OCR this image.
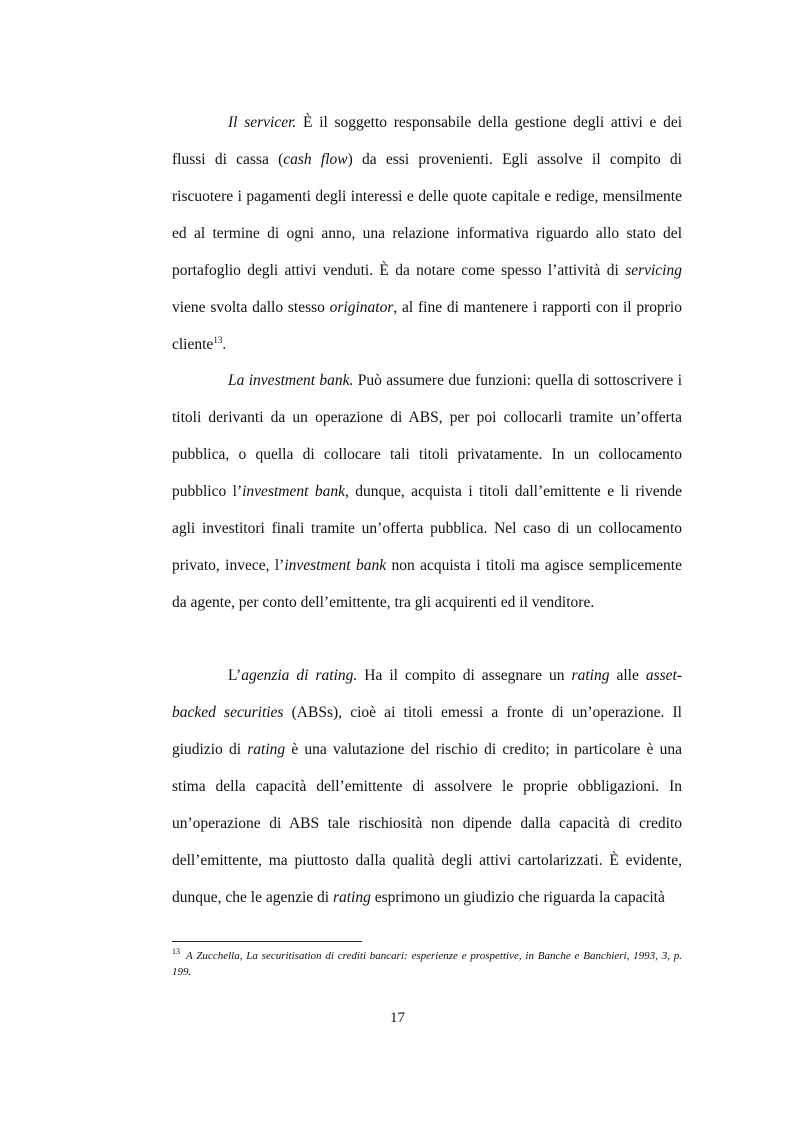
Il servicer. È il soggetto responsabile della gestione degli attivi e dei flussi di cassa (cash flow) da essi provenienti. Egli assolve il compito di riscuotere i pagamenti degli interessi e delle quote capitale e redige, mensilmente ed al termine di ogni anno, una relazione informativa riguardo allo stato del portafoglio degli attivi venduti. È da notare come spesso l’attività di servicing viene svolta dallo stesso originator, al fine di mantenere i rapporti con il proprio cliente$^{13}$.

La investment bank. Può assumere due funzioni: quella di sottoscrivere i titoli derivanti da un operazione di ABS, per poi collocarli tramite un’offerta pubblica, o quella di collocare tali titoli privatamente. In un collocamento pubblico l’investment bank, dunque, acquista i titoli dall’emittente e li rivende agli investitori finali tramite un’offerta pubblica. Nel caso di un collocamento privato, invece, l’investment bank non acquista i titoli ma agisce semplicemente da agente, per conto dell’emittente, tra gli acquirenti ed il venditore.

L’agenzia di rating. Ha il compito di assegnare un rating alle asset-backed securities (ABSs), cioè ai titoli emessi a fronte di un’operazione. Il giudizio di rating è una valutazione del rischio di credito; in particolare è una stima della capacità dell’emittente di assolvere le proprie obbligazioni. In un’operazione di ABS tale rischiosità non dipende dalla capacità di credito dell’emittente, ma piuttosto dalla qualità degli attivi cartolarizzati. È evidente, dunque, che le agenzie di rating esprimono un giudizio che riguarda la capacità

$^{13}$ A Zucchella, La securitisation di crediti bancari: esperienze e prospettive, in Banche e Banchieri, 1993, 3, p. 199.
17
